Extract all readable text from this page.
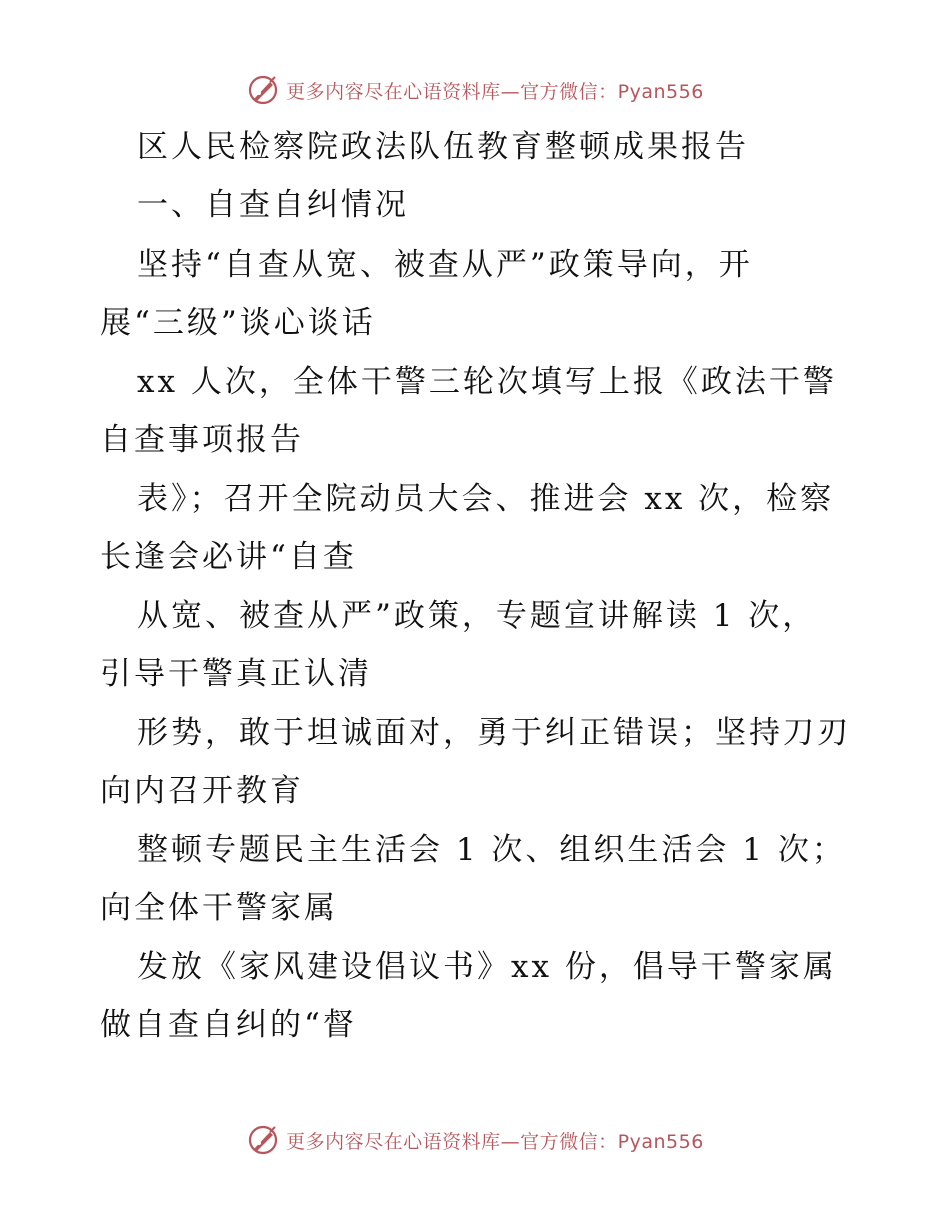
更多内容尽在心语资料库—官方微信：Pyan556
区人民检察院政法队伍教育整顿成果报告
一、自查自纠情况
坚持“自查从宽、被查从严”政策导向，开
展“三级”谈心谈话
xx 人次，全体干警三轮次填写上报《政法干警
自查事项报告
表》；召开全院动员大会、推进会 xx 次，检察
长逢会必讲“自查
从宽、被查从严”政策，专题宣讲解读 1 次，
引导干警真正认清
形势，敢于坦诚面对，勇于纠正错误；坚持刀刃
向内召开教育
整顿专题民主生活会 1 次、组织生活会 1 次；
向全体干警家属
发放《家风建设倡议书》xx 份，倡导干警家属
做自查自纠的“督
更多内容尽在心语资料库—官方微信：Pyan556
